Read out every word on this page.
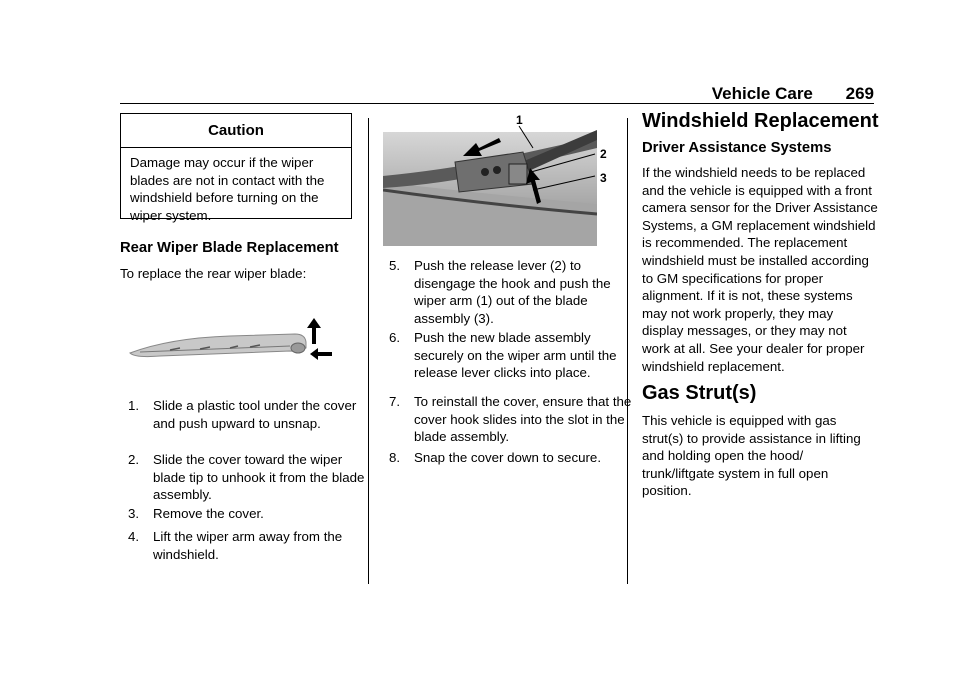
Vehicle Care 269
Caution
Damage may occur if the wiper blades are not in contact with the windshield before turning on the wiper system.
Rear Wiper Blade Replacement

To replace the rear wiper blade:

1. Slide a plastic tool under the cover and push upward to unsnap.
2. Slide the cover toward the wiper blade tip to unhook it from the blade assembly.
3. Remove the cover.
4. Lift the wiper arm away from the windshield.
1
2
3
5. Push the release lever (2) to disengage the hook and push the wiper arm (1) out of the blade assembly (3).
6. Push the new blade assembly securely on the wiper arm until the release lever clicks into place.
7. To reinstall the cover, ensure that the cover hook slides into the slot in the blade assembly.
8. Snap the cover down to secure.
Windshield Replacement
Driver Assistance Systems

If the windshield needs to be replaced and the vehicle is equipped with a front camera sensor for the Driver Assistance Systems, a GM replacement windshield is recommended. The replacement windshield must be installed according to GM specifications for proper alignment. If it is not, these systems may not work properly, they may display messages, or they may not work at all. See your dealer for proper windshield replacement.

Gas Strut(s)

This vehicle is equipped with gas strut(s) to provide assistance in lifting and holding open the hood/ trunk/liftgate system in full open position.
